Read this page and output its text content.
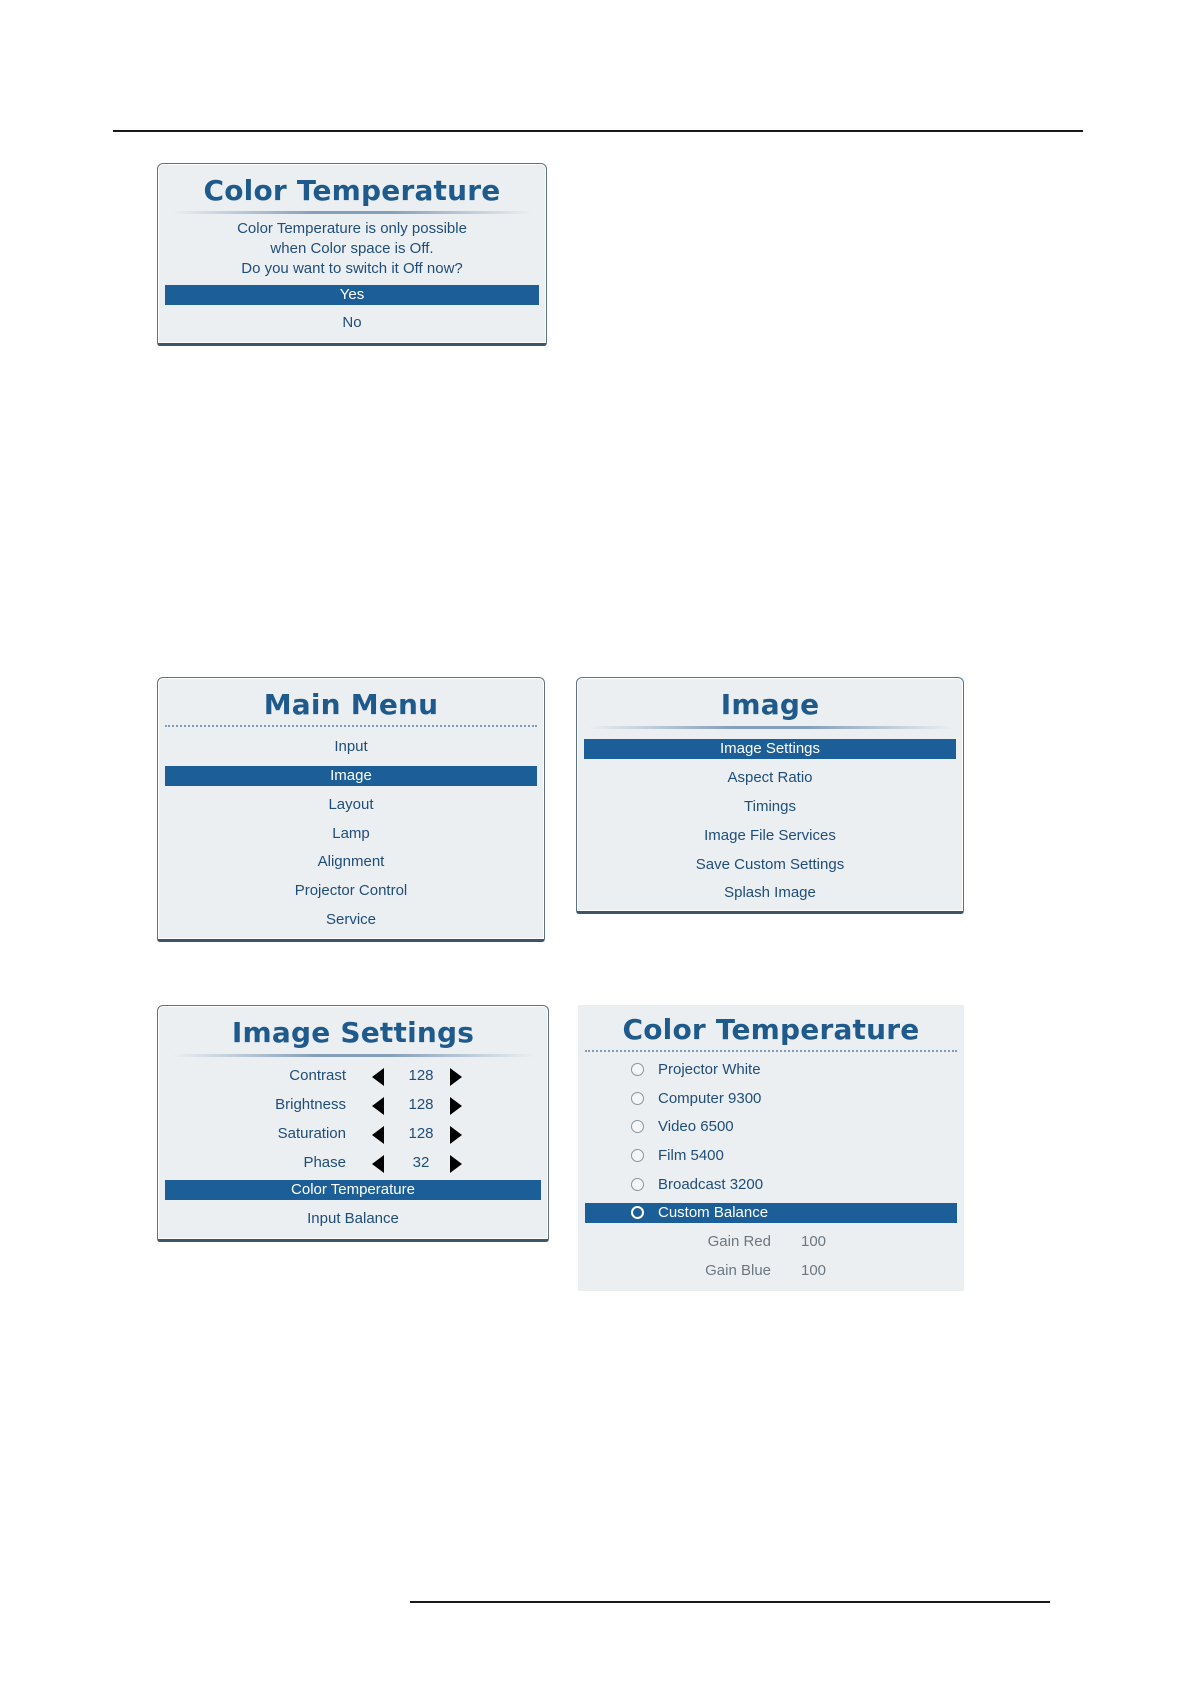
Color Temperature
Color Temperature is only possible
when Color space is Off.
Do you want to switch it Off now?
Yes
No
Main Menu
Input
Image
Layout
Lamp
Alignment
Projector Control
Service
Image
Image Settings
Aspect Ratio
Timings
Image File Services
Save Custom Settings
Splash Image
Image Settings
Contrast	128
Brightness	128
Saturation	128
Phase	32
Color Temperature
Input Balance
Color Temperature
Projector White
Computer 9300
Video 6500
Film 5400
Broadcast 3200
Custom Balance
Gain Red 100
Gain Blue 100
